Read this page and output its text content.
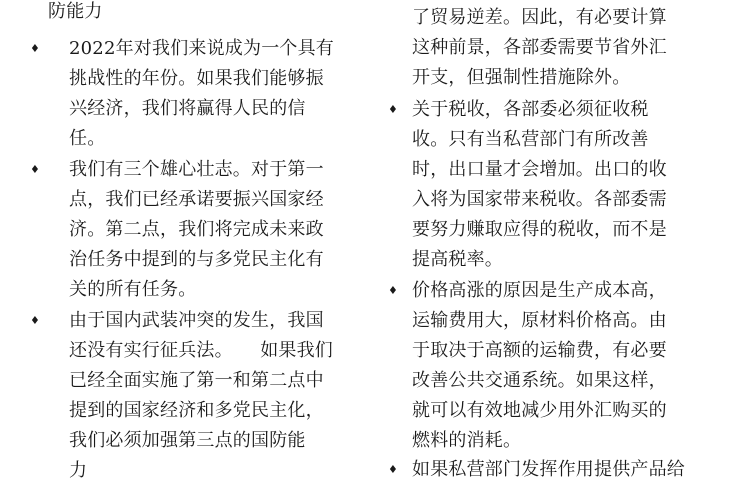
防能力
♦ 2022年对我们来说成为一个具有
挑战性的年份。如果我们能够振
兴经济，我们将赢得人民的信
任。
♦ 我们有三个雄心壮志。对于第一
点，我们已经承诺要振兴国家经
济。第二点，我们将完成未来政
治任务中提到的与多党民主化有
关的所有任务。
♦ 由于国内武装冲突的发生，我国
还没有实行征兵法。　　如果我们
已经全面实施了第一和第二点中
提到的国家经济和多党民主化，
我们必须加强第三点的国防能
力
了贸易逆差。因此，有必要计算
这种前景，各部委需要节省外汇
开支，但强制性措施除外。
♦ 关于税收，各部委必须征收税
收。只有当私营部门有所改善
时，出口量才会增加。出口的收
入将为国家带来税收。各部委需
要努力赚取应得的税收，而不是
提高税率。
♦ 价格高涨的原因是生产成本高，
运输费用大，原材料价格高。由
于取决于高额的运输费，有必要
改善公共交通系统。如果这样，
就可以有效地减少用外汇购买的
燃料的消耗。
♦ 如果私营部门发挥作用提供产品给
